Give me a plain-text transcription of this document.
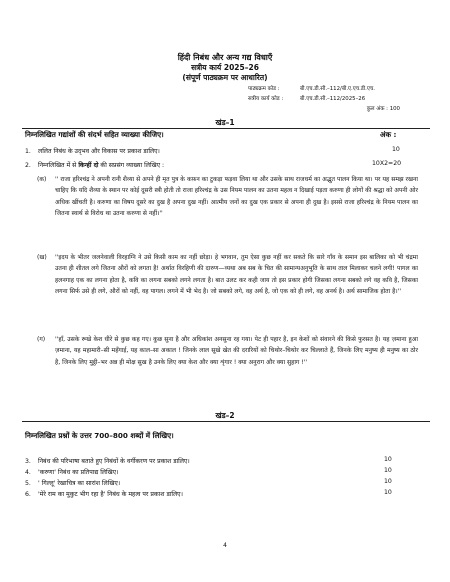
हिंदी निबंध और अन्य गद्य विधाएँ
सत्रीय कार्य 2025–26
(संपूर्ण पाठ्यक्रम पर आधारित)
पाठ्यक्रम कोड :	बी.एच.डी.सी.–112/बी.ए.एच.डी.एच.
सत्रीय कार्य कोड :	बी.एच.डी.सी.–112/2025–26
कुल अंक : 100
खंड–1
निम्नलिखित गद्यांशों की संदर्भ सहित व्याख्या कीजिए।	अंक :
1. ललित निबंध के उद्‍भव और विकास पर प्रकाश डालिए।	10
2. निम्नलिखित में से किन्हीं दो की सप्रसंग व्याख्या लिखिए :	10X2=20
(क) '' राजा हरिश्चंद्र ने अपनी रानी शैव्या से अपने ही मृत पुत्र के कफ़न का टुकड़ा फड़वा लिया था और उसके साथ राजधर्म का अद्भुत पालन किया था। पर यह समझ रखना चाहिए कि यदि शैव्या के स्थान पर कोई दूसरी स्त्री होती तो राजा हरिश्चंद्र के उस नियम पालन का उतना महत्व न दिखाई पड़ता करुणा ही लोगों की श्रद्धा को अपनी ओर अधिक खींचती है। करुणा का विषय दूसरे का दुख है अपना दुख नहीं। आत्मीय जनों का दुख एक प्रकार से अपना ही दुख है। इससे राजा हरिश्चंद्र के नियम पालन का जितना स्वार्थ से विरोध था उतना करुणा से नहीं।''
(ख) ''इदय के भीतर जलनेवाली विरहाग्नि ने उसे किसी काम का नहीं छोड़ा। हे भगवान, तुम ऐसा कुछ नहीं कर सकते कि सारे गाँव के समान इस बालिका को भी चंद्रमा उतना ही शीतल लगे जितना औरों को लगता है! अर्थात विरहिणी की दारुण—व्यथा अब सब के चित की सामान्यअनुभूति के साथ ताल मिलाकर चलने लगी! पागल का हलनगाह एक का लगना होता है, कवि का लगना सबको लगने लगता है। बात उलट कर कही जाय तो इस प्रकार होगी जिसका लगना सबको लगे वह कवि है, जिसका लगना सिर्फ उसे ही लगे, औरों को नहीं, वह पागल। लगने में भी भेद है। जो सबको लगे, वह अर्थ है, जो एक को ही लगे, वह अनर्थ है। अर्थ सामाजिक होता है।''
(ग) ''हाँ, उसके रूखे केश धीरे से कुछ कह गए। कुछ सुना है और अधिकांश अनसुना रह गया। पेट ही पहार है, इन केशों को संवारने की किसे फुरसत है। यह ज़माना हुआ ज़माना, यह महामारी–सी महँगाई, यह काल–सा अकाल ! जिनके लाल सूखे खेत की दरारियों को चिथोर–चिथोर कर चिल्लाते हैं, जिनके लिए मनुष्य ही मनुष्य का ठोर है, जिनके लिए मुट्ठी–भर अन्न ही मोक्ष सुख है उनके लिए क्या केश और क्या शृंगार ! क्या अनुराग और क्या सुहाग !''
खंड–2
निम्नलिखित प्रश्नों के उत्तर 700–800 शब्दों में लिखिए।
3. निबंध की परिभाषा बताते हुए निबंधों के वर्गीकरण पर प्रकाश डालिए।	10
4. 'करुणा' निबंध का प्रतिपाद्य लिखिए।	10
5. ' गिल्लू' रेखाचित्र का सारांश लिखिए।	10
6. 'मेरे राम का मुकुट भीग रहा है' निबंध के महत्व पर प्रकाश डालिए।	10
4
